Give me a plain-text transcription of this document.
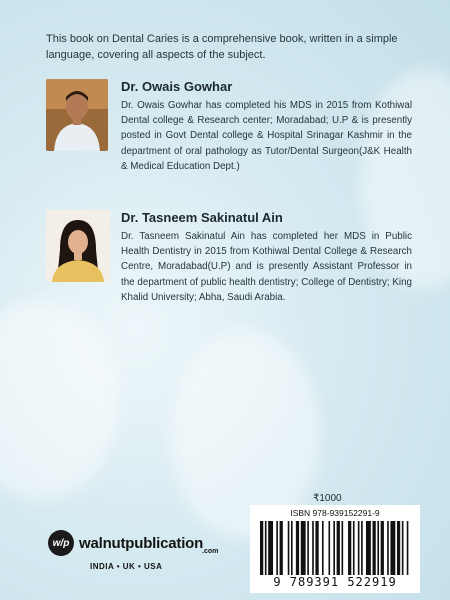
This book on Dental Caries is a comprehensive book, written in a simple language, covering all aspects of the subject.

Dr. Owais Gowhar
Dr. Owais Gowhar has completed his MDS in 2015 from Kothiwal Dental college & Research center; Moradabad; U.P & is presently posted in Govt Dental college & Hospital Srinagar Kashmir in the department of oral pathology as Tutor/Dental Surgeon(J&K Health & Medical Education Dept.)
Dr. Tasneem Sakinatul Ain
Dr. Tasneem Sakinatul Ain has completed her MDS in Public Health Dentistry in 2015 from Kothiwal Dental College & Research Centre, Moradabad(U.P) and is presently Assistant Professor in the department of public health dentistry; College of Dentistry; King Khalid University; Abha, Saudi Arabia.
₹1000
ISBN 978-939152291-9
9 789391 522919
w/p walnutpublication
.com
INDIA • UK • USA
